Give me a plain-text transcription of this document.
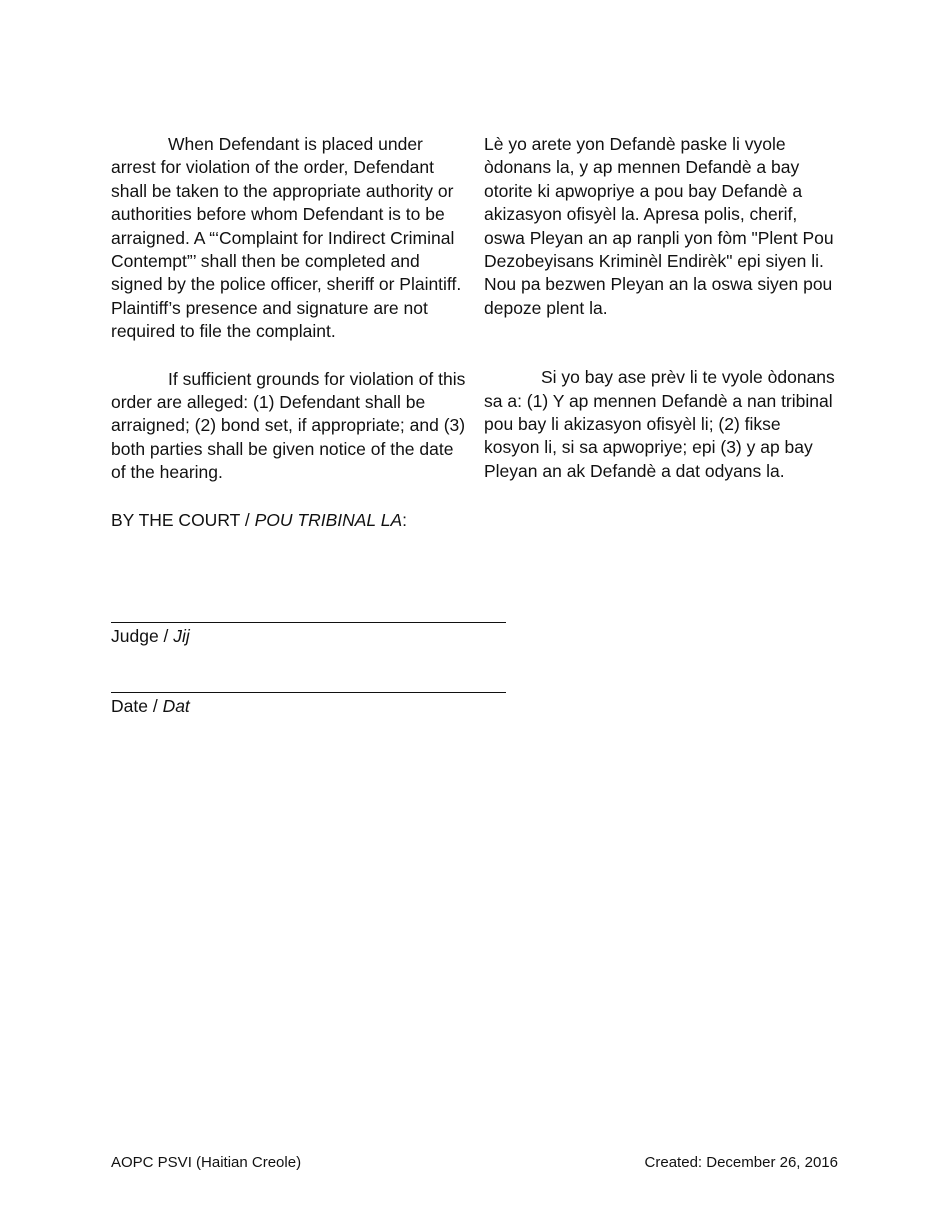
When Defendant is placed under arrest for violation of the order, Defendant shall be taken to the appropriate authority or authorities before whom Defendant is to be arraigned. A “‘Complaint for Indirect Criminal Contempt”’ shall then be completed and signed by the police officer, sheriff or Plaintiff. Plaintiff’s presence and signature are not required to file the complaint.

If sufficient grounds for violation of this order are alleged: (1) Defendant shall be arraigned; (2) bond set, if appropriate; and (3) both parties shall be given notice of the date of the hearing.

BY THE COURT / POU TRIBINAL LA:

Lè yo arete yon Defandè paske li vyole òdonans la, y ap mennen Defandè a bay otorite ki apwopriye a pou bay Defandè a akizasyon ofisyèl la. Apresa polis, cherif, oswa Pleyan an ap ranpli yon fòm "Plent Pou Dezobeyisans Kriminèl Endirèk" epi siyen li. Nou pa bezwen Pleyan an la oswa siyen pou depoze plent la.

Si yo bay ase prèv li te vyole òdonans sa a: (1) Y ap mennen Defandè a nan tribinal pou bay li akizasyon ofisyèl li; (2) fikse kosyon li, si sa apwopriye; epi (3) y ap bay Pleyan an ak Defandè a dat odyans la.

Judge / Jij
Date / Dat
AOPC PSVI (Haitian Creole)	Created: December 26, 2016
